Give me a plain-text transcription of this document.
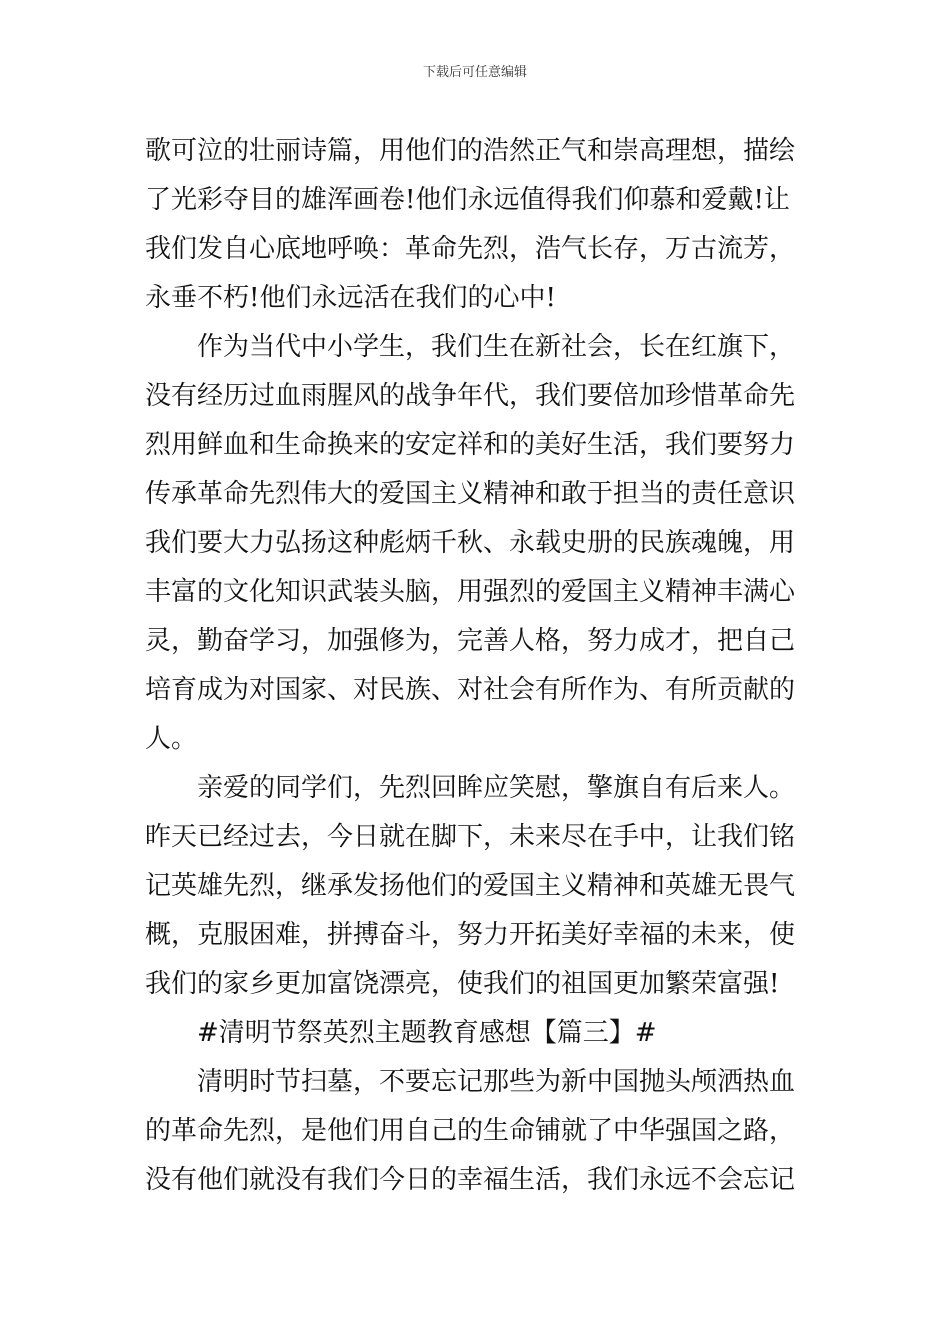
下载后可任意编辑
歌可泣的壮丽诗篇，用他们的浩然正气和崇高理想，描绘
了光彩夺目的雄浑画卷!他们永远值得我们仰慕和爱戴!让
我们发自心底地呼唤：革命先烈，浩气长存，万古流芳，
永垂不朽!他们永远活在我们的心中!
　　作为当代中小学生，我们生在新社会，长在红旗下，
没有经历过血雨腥风的战争年代，我们要倍加珍惜革命先
烈用鲜血和生命换来的安定祥和的美好生活，我们要努力
传承革命先烈伟大的爱国主义精神和敢于担当的责任意识
我们要大力弘扬这种彪炳千秋、永载史册的民族魂魄，用
丰富的文化知识武装头脑，用强烈的爱国主义精神丰满心
灵，勤奋学习，加强修为，完善人格，努力成才，把自己
培育成为对国家、对民族、对社会有所作为、有所贡献的
人。
　　亲爱的同学们，先烈回眸应笑慰，擎旗自有后来人。
昨天已经过去，今日就在脚下，未来尽在手中，让我们铭
记英雄先烈，继承发扬他们的爱国主义精神和英雄无畏气
概，克服困难，拼搏奋斗，努力开拓美好幸福的未来，使
我们的家乡更加富饶漂亮，使我们的祖国更加繁荣富强!
　　#清明节祭英烈主题教育感想【篇三】#
　　清明时节扫墓，不要忘记那些为新中国抛头颅洒热血
的革命先烈，是他们用自己的生命铺就了中华强国之路，
没有他们就没有我们今日的幸福生活，我们永远不会忘记
